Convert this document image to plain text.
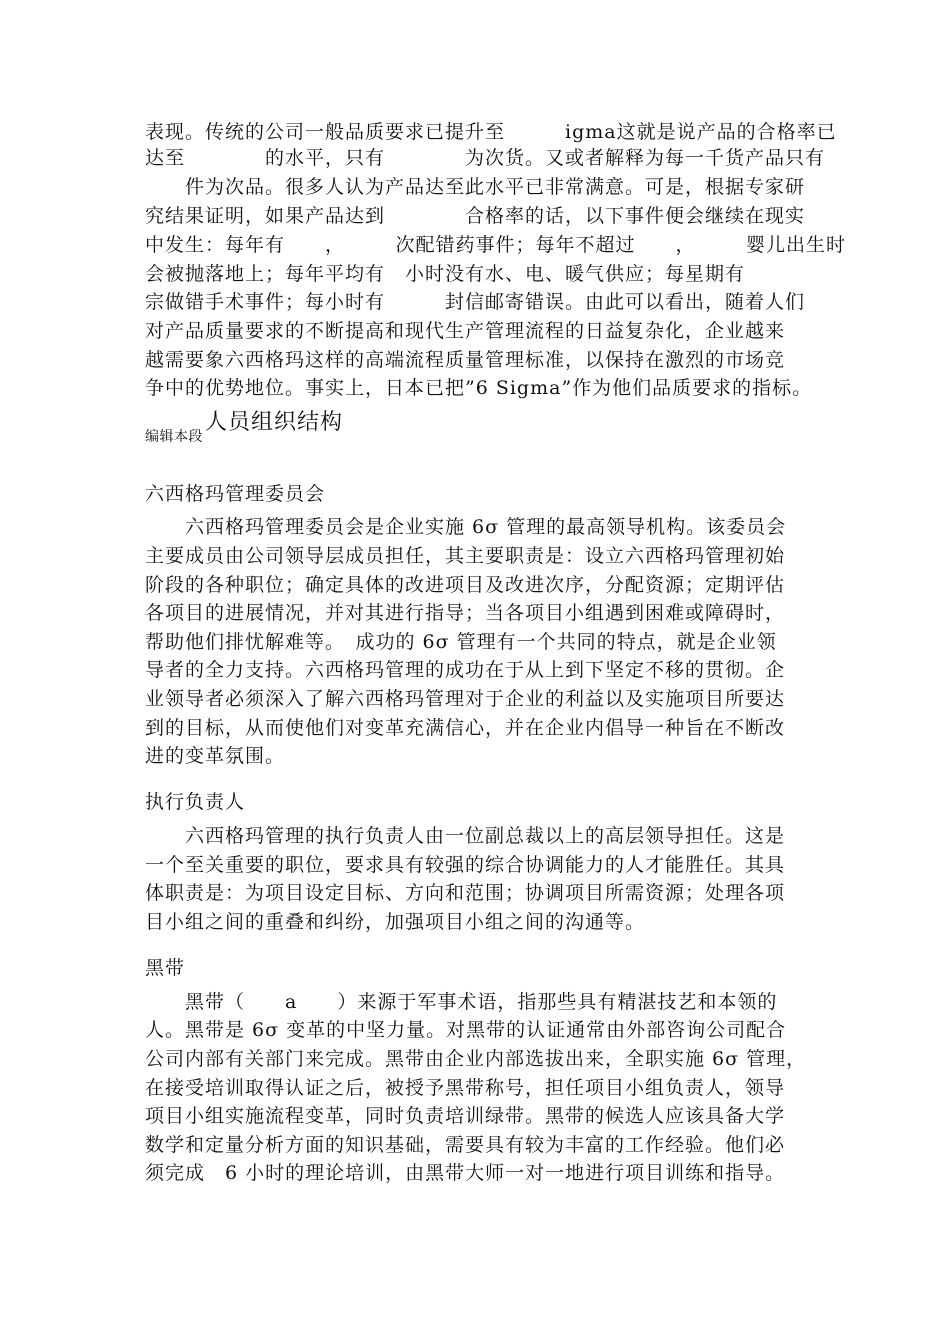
表现。传统的公司一般品质要求已提升至　　　igma这就是说产品的合格率已
达至　　　　的水平，只有　　　　为次货。又或者解释为每一千货产品只有
　　件为次品。很多人认为产品达至此水平已非常满意。可是，根据专家研
究结果证明，如果产品达到　　　　合格率的话，以下事件便会继续在现实
中发生：每年有　　，　　　次配错药事件；每年不超过　　，　　　婴儿出生时
会被抛落地上；每年平均有　小时没有水、电、暖气供应；每星期有
宗做错手术事件；每小时有　　　封信邮寄错误。由此可以看出，随着人们
对产品质量要求的不断提高和现代生产管理流程的日益复杂化，企业越来
越需要象六西格玛这样的高端流程质量管理标准，以保持在激烈的市场竞
争中的优势地位。事实上，日本已把”6 Sigma”作为他们品质要求的指标。
编辑本段
人员组织结构
六西格玛管理委员会
六西格玛管理委员会是企业实施 6σ 管理的最高领导机构。该委员会
主要成员由公司领导层成员担任，其主要职责是：设立六西格玛管理初始
阶段的各种职位；确定具体的改进项目及改进次序，分配资源；定期评估
各项目的进展情况，并对其进行指导；当各项目小组遇到困难或障碍时，
帮助他们排忧解难等。　成功的 6σ 管理有一个共同的特点，就是企业领
导者的全力支持。六西格玛管理的成功在于从上到下坚定不移的贯彻。企
业领导者必须深入了解六西格玛管理对于企业的利益以及实施项目所要达
到的目标，从而使他们对变革充满信心，并在企业内倡导一种旨在不断改
进的变革氛围。
执行负责人
六西格玛管理的执行负责人由一位副总裁以上的高层领导担任。这是
一个至关重要的职位，要求具有较强的综合协调能力的人才能胜任。其具
体职责是：为项目设定目标、方向和范围；协调项目所需资源；处理各项
目小组之间的重叠和纠纷，加强项目小组之间的沟通等。
黑带
黑带（　　a　　）来源于军事术语，指那些具有精湛技艺和本领的
人。黑带是 6σ 变革的中坚力量。对黑带的认证通常由外部咨询公司配合
公司内部有关部门来完成。黑带由企业内部选拔出来，全职实施 6σ 管理，
在接受培训取得认证之后，被授予黑带称号，担任项目小组负责人，领导
项目小组实施流程变革，同时负责培训绿带。黑带的候选人应该具备大学
数学和定量分析方面的知识基础，需要具有较为丰富的工作经验。他们必
须完成　6 小时的理论培训，由黑带大师一对一地进行项目训练和指导。
